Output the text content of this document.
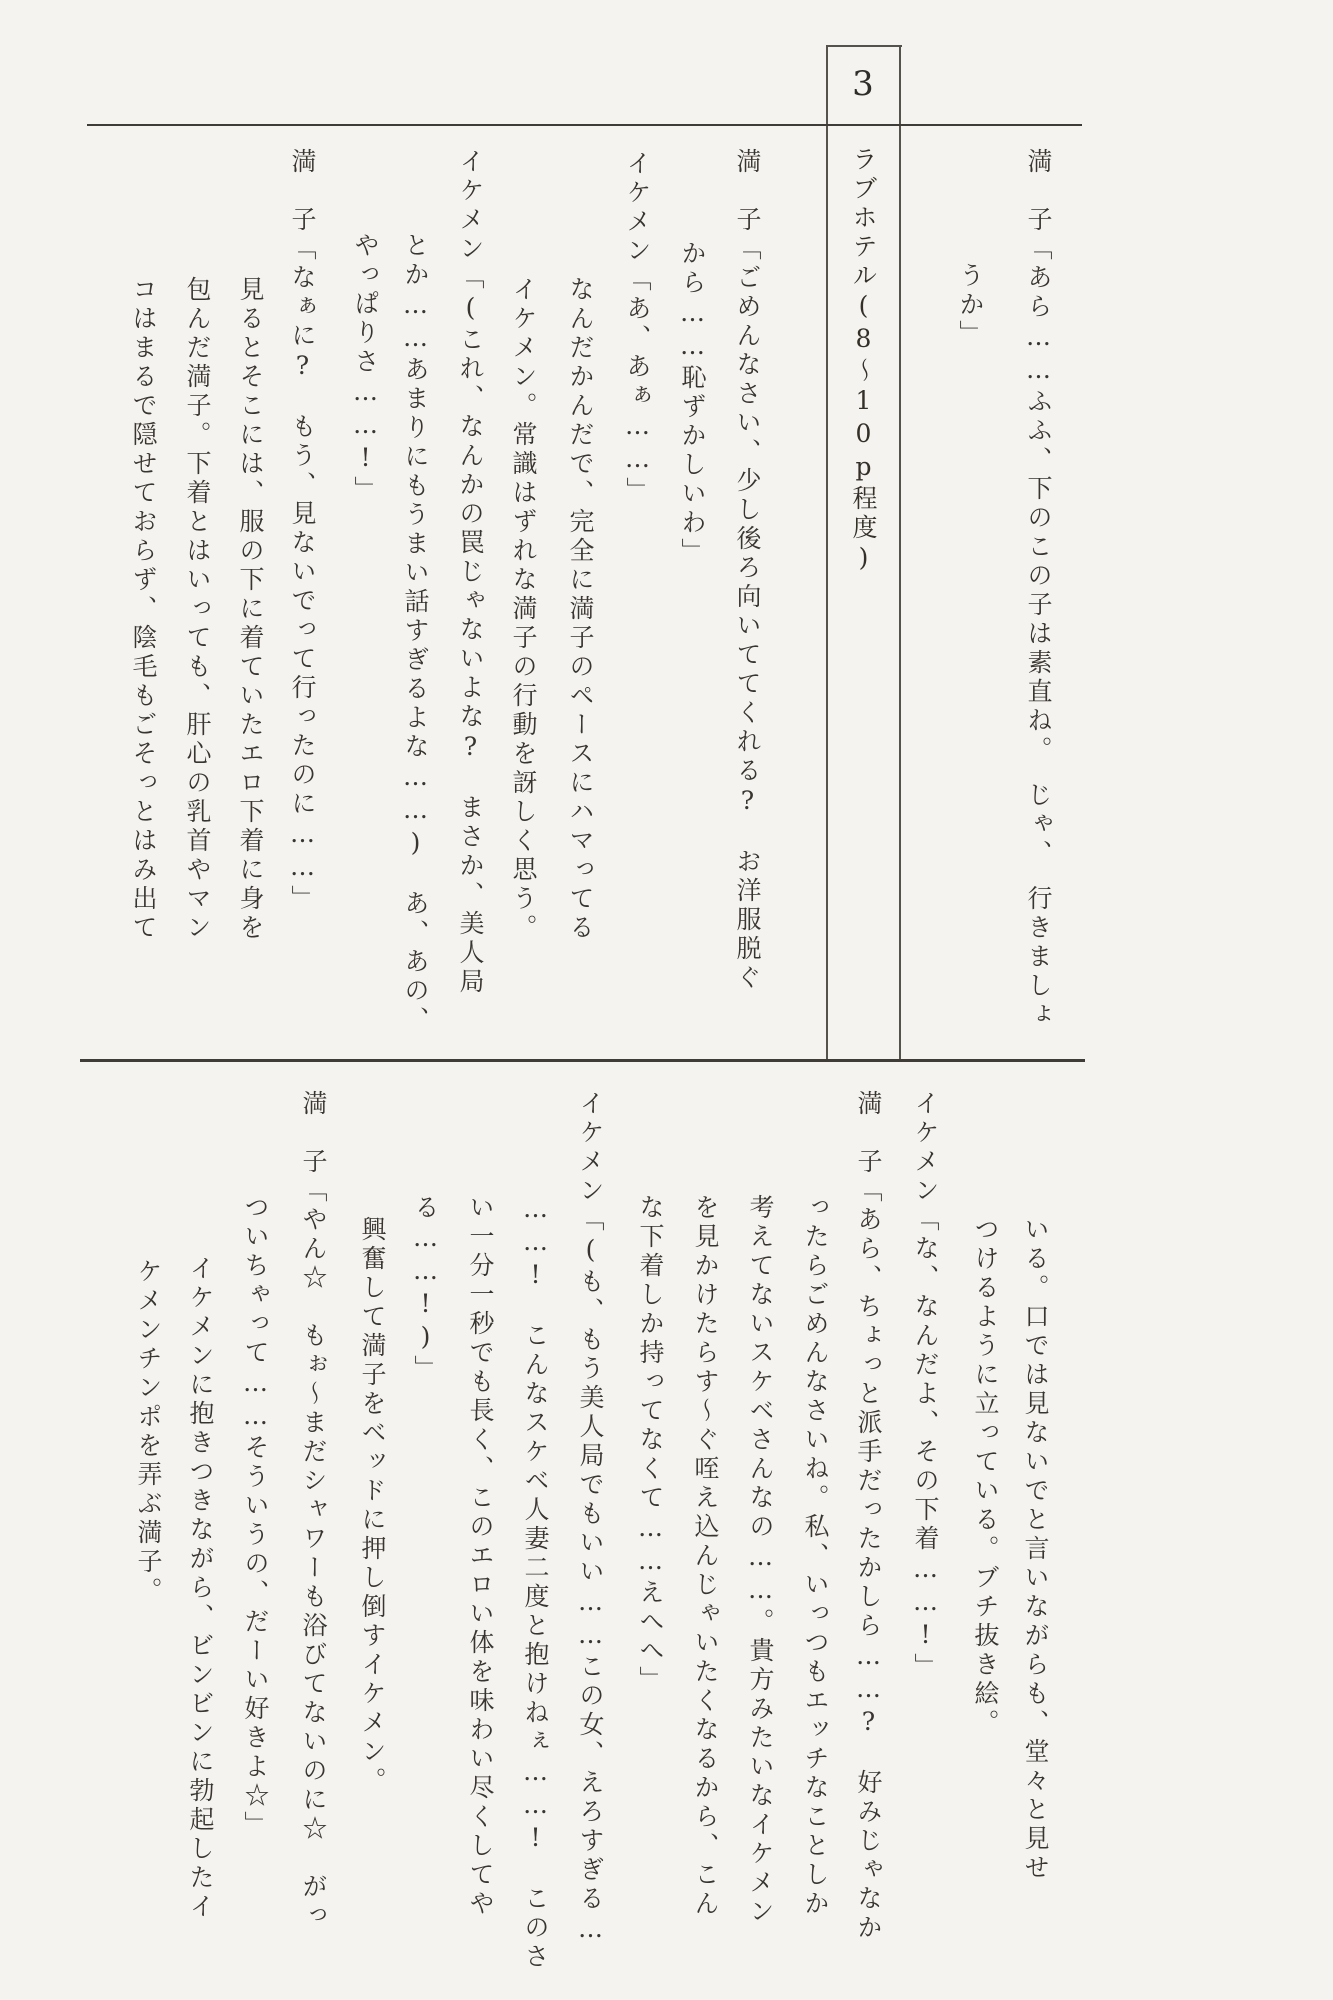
3
満　子「あら……ふふ、下のこの子は素直ね。　じゃ、　行きましょ
うか」
ラブホテル(8〜10p程度)
満　子「ごめんなさい、少し後ろ向いててくれる?　お洋服脱ぐ
から……恥ずかしいわ」
イケメン「あ、あぁ……」
なんだかんだで、完全に満子のペースにハマってる
イケメン。常識はずれな満子の行動を訝しく思う。
イケメン「(これ、なんかの罠じゃないよな?　まさか、美人局
とか……あまりにもうまい話すぎるよな……)　あ、あの、
やっぱりさ……!」
満　子「なぁに?　もう、見ないでって行ったのに……」
見るとそこには、服の下に着ていたエロ下着に身を
包んだ満子。下着とはいっても、肝心の乳首やマン
コはまるで隠せておらず、陰毛もごそっとはみ出て
いる。口では見ないでと言いながらも、堂々と見せ
つけるように立っている。ブチ抜き絵。
イケメン「な、なんだよ、その下着……!」
満　子「あら、ちょっと派手だったかしら……?　好みじゃなか
ったらごめんなさいね。私、いっつもエッチなことしか
考えてないスケベさんなの……。貴方みたいなイケメン
を見かけたらす〜ぐ咥え込んじゃいたくなるから、こん
な下着しか持ってなくて……えへへ」
イケメン「(も、もう美人局でもいい……この女、えろすぎる…
……!　こんなスケベ人妻二度と抱けねぇ……!　このさ
い一分一秒でも長く、このエロい体を味わい尽くしてや
る……!)」
興奮して満子をベッドに押し倒すイケメン。
満　子「やん☆　もぉ〜まだシャワーも浴びてないのに☆　がっ
ついちゃって……そういうの、だーい好きよ☆」
イケメンに抱きつきながら、ビンビンに勃起したイ
ケメンチンポを弄ぶ満子。
